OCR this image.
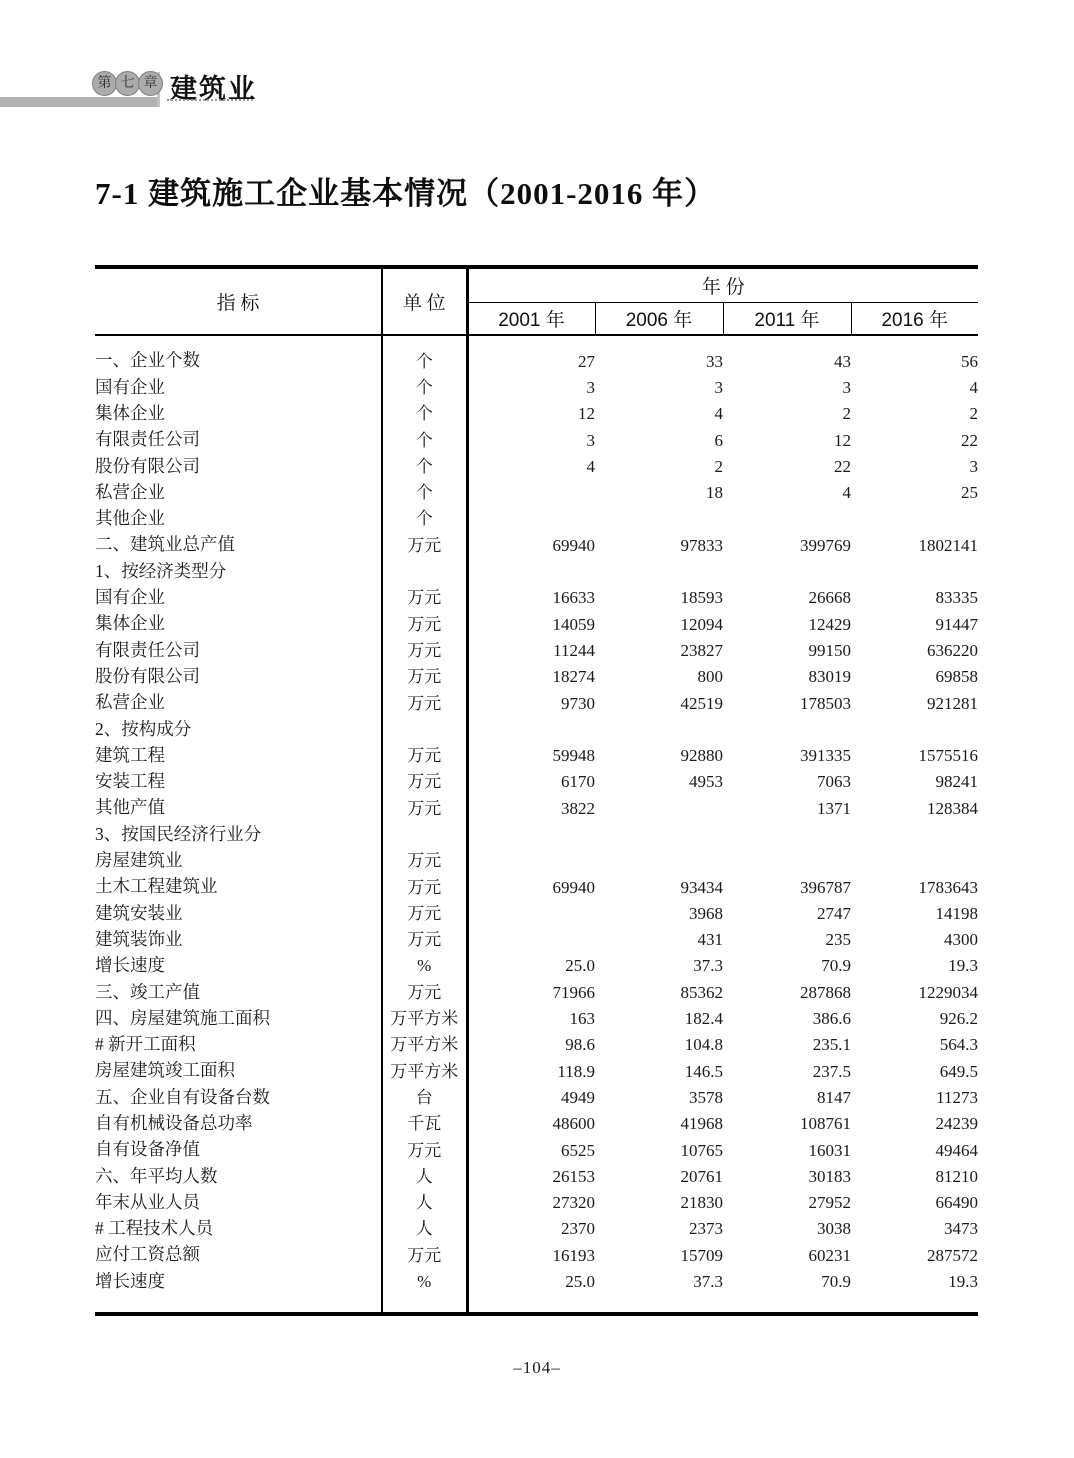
第 七 章 建筑业
7-1 建筑施工企业基本情况（2001-2016 年）
指 标	单 位	年 份			
		2001 年	2006 年	2011 年	2016 年

一、企业个数	个	27	33	43	56
国有企业	个	3	3	3	4
集体企业	个	12	4	2	2
有限责任公司	个	3	6	12	22
股份有限公司	个	4	2	22	3
私营企业	个		18	4	25
其他企业	个				
二、建筑业总产值	万元	69940	97833	399769	1802141
1、按经济类型分					
国有企业	万元	16633	18593	26668	83335
集体企业	万元	14059	12094	12429	91447
有限责任公司	万元	11244	23827	99150	636220
股份有限公司	万元	18274	800	83019	69858
私营企业	万元	9730	42519	178503	921281
2、按构成分					
建筑工程	万元	59948	92880	391335	1575516
安装工程	万元	6170	4953	7063	98241
其他产值	万元	3822		1371	128384
3、按国民经济行业分					
房屋建筑业	万元				
土木工程建筑业	万元	69940	93434	396787	1783643
建筑安装业	万元		3968	2747	14198
建筑装饰业	万元		431	235	4300
增长速度	%	25.0	37.3	70.9	19.3
三、竣工产值	万元	71966	85362	287868	1229034
四、房屋建筑施工面积	万平方米	163	182.4	386.6	926.2
# 新开工面积	万平方米	98.6	104.8	235.1	564.3
房屋建筑竣工面积	万平方米	118.9	146.5	237.5	649.5
五、企业自有设备台数	台	4949	3578	8147	11273
自有机械设备总功率	千瓦	48600	41968	108761	24239
自有设备净值	万元	6525	10765	16031	49464
六、年平均人数	人	26153	20761	30183	81210
年末从业人员	人	27320	21830	27952	66490
# 工程技术人员	人	2370	2373	3038	3473
应付工资总额	万元	16193	15709	60231	287572
增长速度	%	25.0	37.3	70.9	19.3

–104–
